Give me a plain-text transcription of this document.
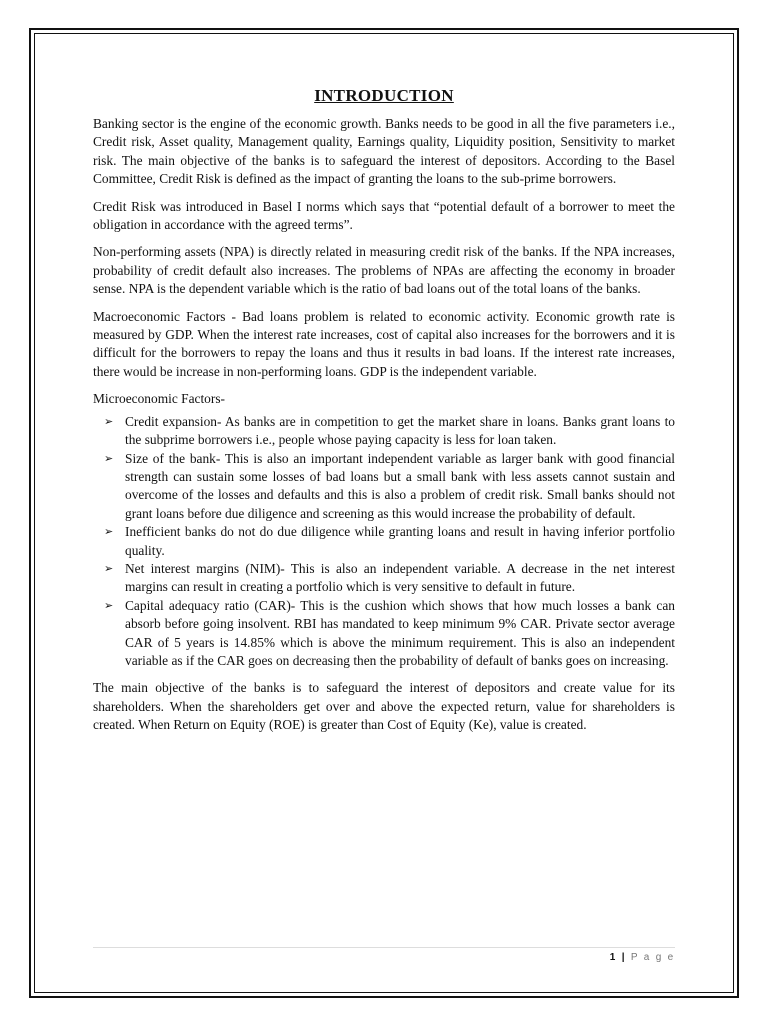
INTRODUCTION

Banking sector is the engine of the economic growth. Banks needs to be good in all the five parameters i.e., Credit risk, Asset quality, Management quality, Earnings quality, Liquidity position, Sensitivity to market risk. The main objective of the banks is to safeguard the interest of depositors. According to the Basel Committee, Credit Risk is defined as the impact of granting the loans to the sub-prime borrowers.

Credit Risk was introduced in Basel I norms which says that “potential default of a borrower to meet the obligation in accordance with the agreed terms”.

Non-performing assets (NPA) is directly related in measuring credit risk of the banks. If the NPA increases, probability of credit default also increases. The problems of NPAs are affecting the economy in broader sense. NPA is the dependent variable which is the ratio of bad loans out of the total loans of the banks.

Macroeconomic Factors - Bad loans problem is related to economic activity. Economic growth rate is measured by GDP. When the interest rate increases, cost of capital also increases for the borrowers and it is difficult for the borrowers to repay the loans and thus it results in bad loans. If the interest rate increases, there would be increase in non-performing loans. GDP is the independent variable.

Microeconomic Factors-

➢ Credit expansion- As banks are in competition to get the market share in loans. Banks grant loans to the subprime borrowers i.e., people whose paying capacity is less for loan taken.
➢ Size of the bank- This is also an important independent variable as larger bank with good financial strength can sustain some losses of bad loans but a small bank with less assets cannot sustain and overcome of the losses and defaults and this is also a problem of credit risk. Small banks should not grant loans before due diligence and screening as this would increase the probability of default.
➢ Inefficient banks do not do due diligence while granting loans and result in having inferior portfolio quality.
➢ Net interest margins (NIM)- This is also an independent variable. A decrease in the net interest margins can result in creating a portfolio which is very sensitive to default in future.
➢ Capital adequacy ratio (CAR)- This is the cushion which shows that how much losses a bank can absorb before going insolvent. RBI has mandated to keep minimum 9% CAR. Private sector average CAR of 5 years is 14.85% which is above the minimum requirement. This is also an independent variable as if the CAR goes on decreasing then the probability of default of banks goes on increasing.

The main objective of the banks is to safeguard the interest of depositors and create value for its shareholders. When the shareholders get over and above the expected return, value for shareholders is created. When Return on Equity (ROE) is greater than Cost of Equity (Ke), value is created.

1 | P a g e
